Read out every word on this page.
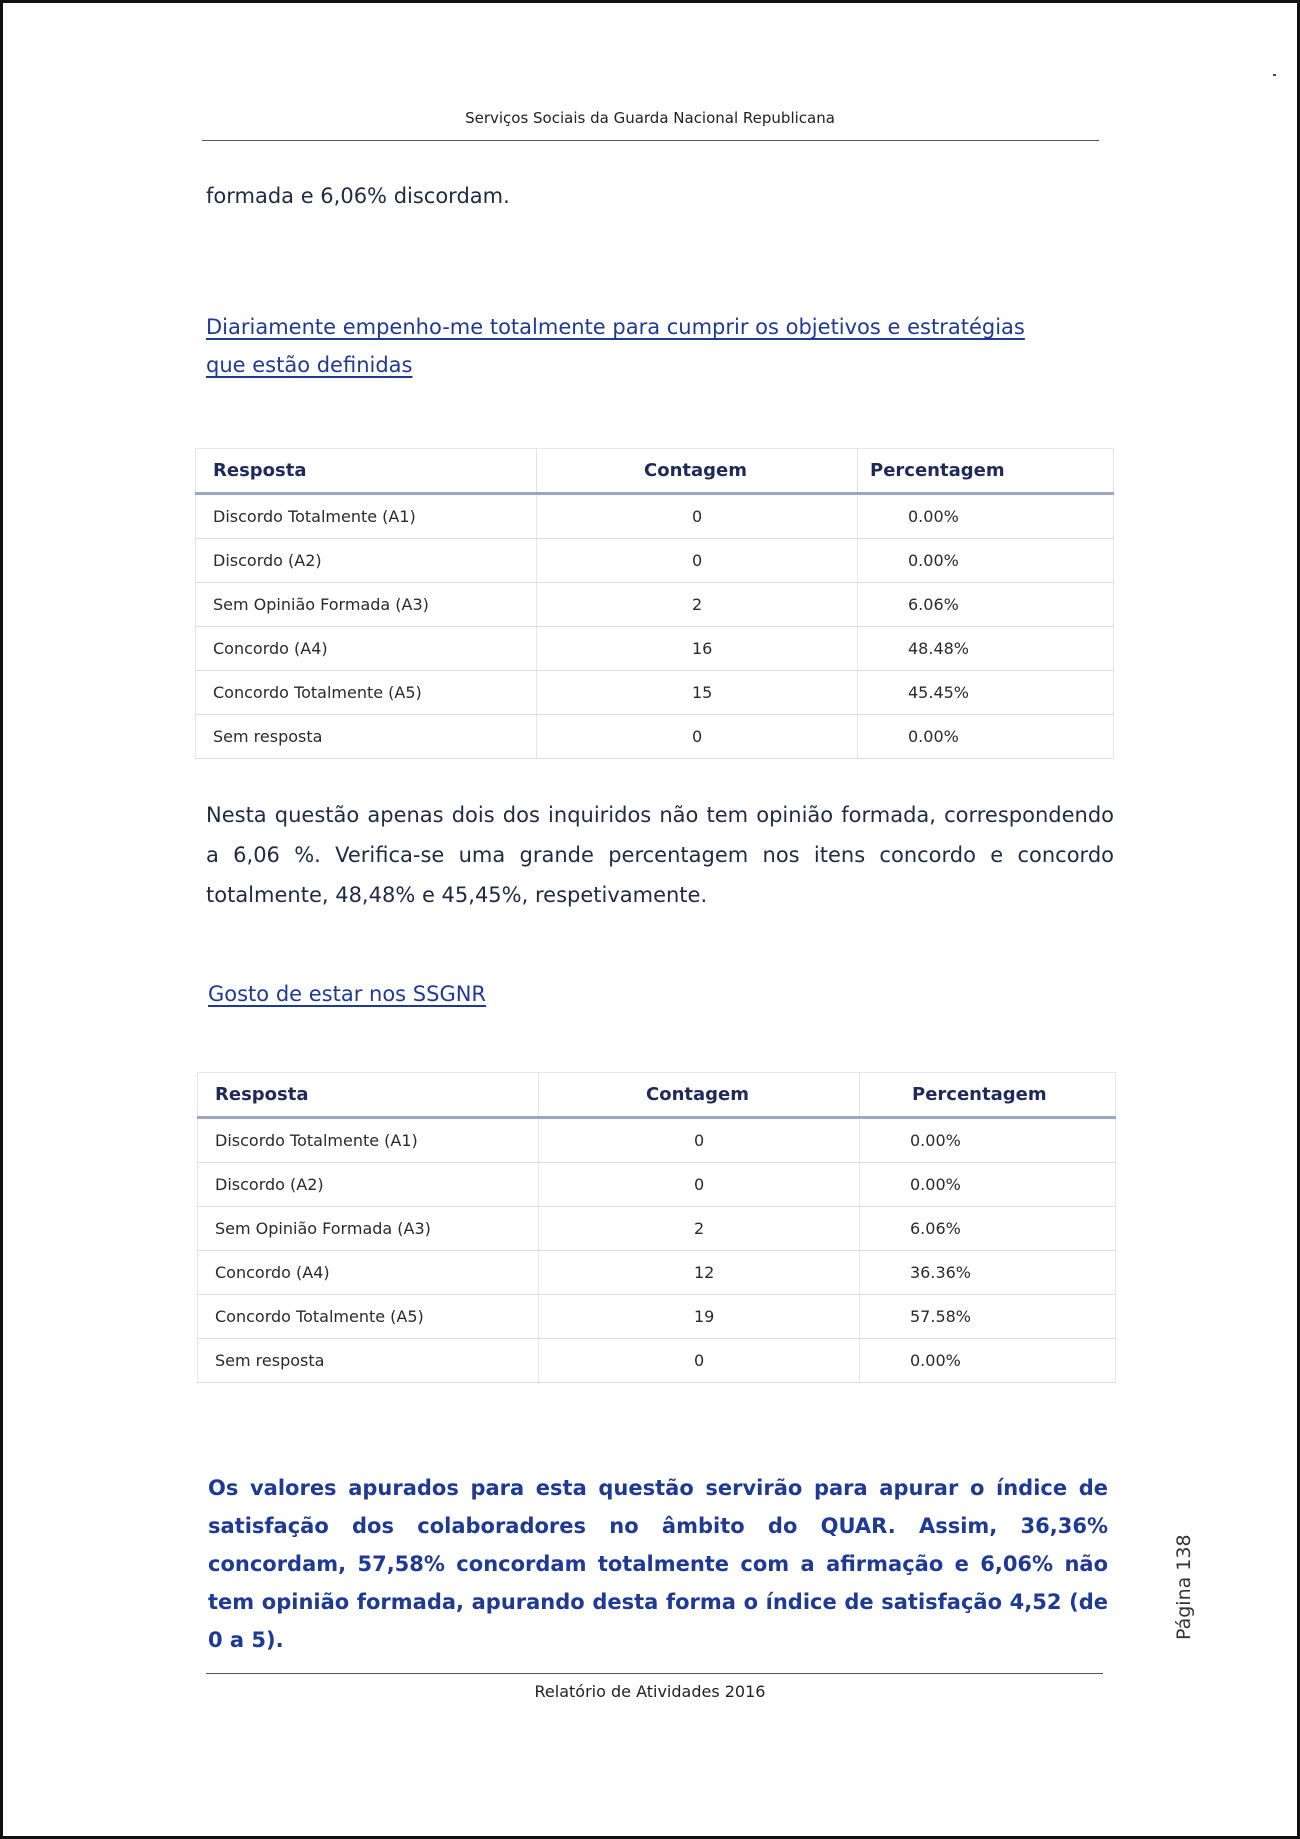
Serviços Sociais da Guarda Nacional Republicana
formada e 6,06% discordam.
Diariamente empenho-me totalmente para cumprir os objetivos e estratégias que estão definidas
Resposta	Contagem	Percentagem
Discordo Totalmente (A1)	0	0.00%
Discordo (A2)	0	0.00%
Sem Opinião Formada (A3)	2	6.06%
Concordo (A4)	16	48.48%
Concordo Totalmente (A5)	15	45.45%
Sem resposta	0	0.00%
Nesta questão apenas dois dos inquiridos não tem opinião formada, correspondendo a 6,06 %. Verifica-se uma grande percentagem nos itens concordo e concordo totalmente, 48,48% e 45,45%, respetivamente.
Gosto de estar nos SSGNR
Resposta	Contagem	Percentagem
Discordo Totalmente (A1)	0	0.00%
Discordo (A2)	0	0.00%
Sem Opinião Formada (A3)	2	6.06%
Concordo (A4)	12	36.36%
Concordo Totalmente (A5)	19	57.58%
Sem resposta	0	0.00%
Os valores apurados para esta questão servirão para apurar o índice de satisfação dos colaboradores no âmbito do QUAR. Assim, 36,36% concordam, 57,58% concordam totalmente com a afirmação e 6,06% não tem opinião formada, apurando desta forma o índice de satisfação 4,52 (de 0 a 5).	Página 138
Relatório de Atividades 2016
